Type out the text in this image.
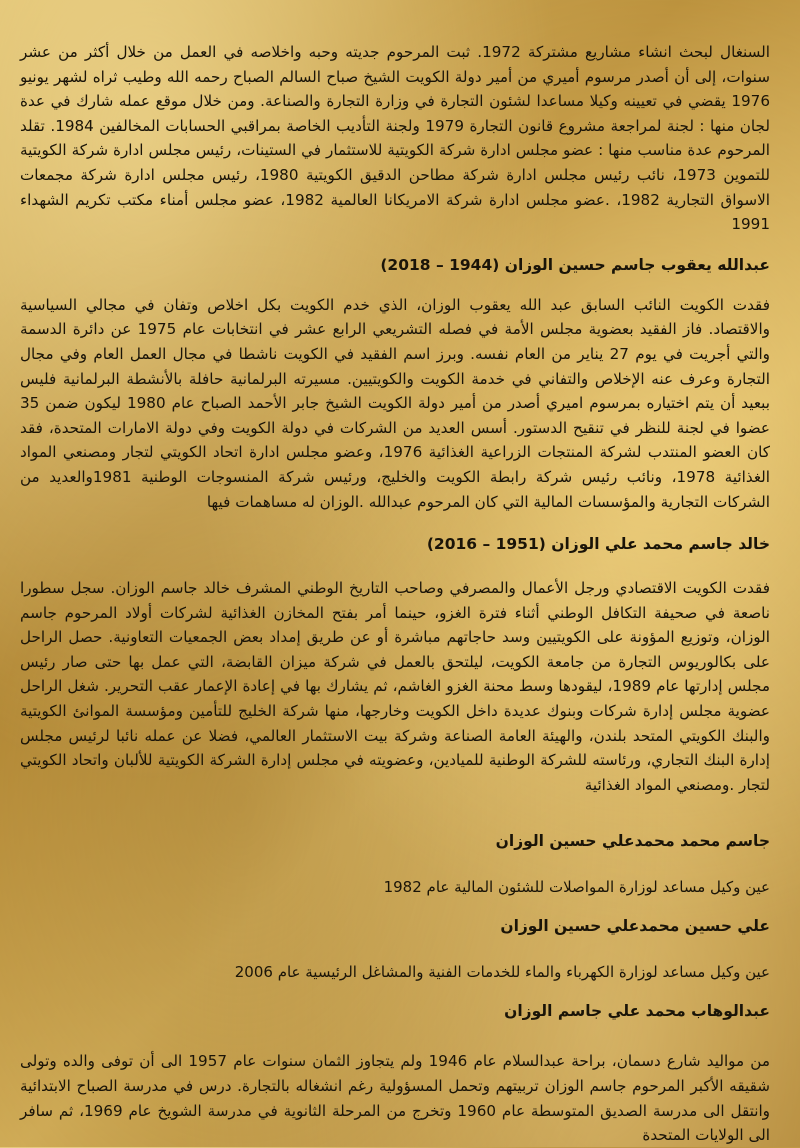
السنغال لبحث انشاء مشاريع مشتركة 1972. ثبت المرحوم جديته وحبه واخلاصه في العمل من خلال أكثر من عشر سنوات، إلى أن أصدر مرسوم أميري من أمير دولة الكويت الشيخ صباح السالم الصباح رحمه الله وطيب ثراه لشهر يونيو 1976 يقضي في تعيينه وكيلا مساعدا لشئون التجارة في وزارة التجارة والصناعة. ومن خلال موقع عمله شارك في عدة لجان منها : لجنة لمراجعة مشروع قانون التجارة 1979 ولجنة التأديب الخاصة بمراقبي الحسابات المخالفين 1984. تقلد المرحوم عدة مناسب منها : عضو مجلس ادارة شركة الكويتية للاستثمار في الستينات، رئيس مجلس ادارة شركة الكويتية للتموين 1973، نائب رئيس مجلس ادارة شركة مطاحن الدقيق الكويتية 1980، رئيس مجلس ادارة شركة مجمعات الاسواق التجارية 1982، .عضو مجلس ادارة شركة الامريكانا العالمية 1982، عضو مجلس أمناء مكتب تكريم الشهداء 1991

عبدالله يعقوب جاسم حسين الوزان (1944 – 2018)

فقدت الكويت النائب السابق عبد الله يعقوب الوزان، الذي خدم الكويت بكل اخلاص وتفان في مجالي السياسية والاقتصاد. فاز الفقيد بعضوية مجلس الأمة في فصله التشريعي الرابع عشر في انتخابات عام 1975 عن دائرة الدسمة والتي أجريت في يوم 27 يناير من العام نفسه. وبرز اسم الفقيد في الكويت ناشطا في مجال العمل العام وفي مجال التجارة وعرف عنه الإخلاص والتفاني في خدمة الكويت والكويتيين. مسيرته البرلمانية حافلة بالأنشطة البرلمانية فليس ببعيد أن يتم اختياره بمرسوم اميري أصدر من أمير دولة الكويت الشيخ جابر الأحمد الصباح عام 1980 ليكون ضمن 35 عضوا في لجنة للنظر في تنقيح الدستور. أسس العديد من الشركات في دولة الكويت وفي دولة الامارات المتحدة، فقد كان العضو المنتدب لشركة المنتجات الزراعية الغذائية 1976، وعضو مجلس ادارة اتحاد الكويتي لتجار ومصنعي المواد الغذائية 1978، ونائب رئيس شركة رابطة الكويت والخليج، ورئيس شركة المنسوجات الوطنية 1981والعديد من الشركات التجارية والمؤسسات المالية التي كان المرحوم عبدالله .الوزان له مساهمات فيها

خالد جاسم محمد علي الوزان (1951 – 2016)

فقدت الكويت الاقتصادي ورجل الأعمال والمصرفي وصاحب التاريخ الوطني المشرف خالد جاسم الوزان. سجل سطورا ناصعة في صحيفة التكافل الوطني أثناء فترة الغزو، حينما أمر بفتح المخازن الغذائية لشركات أولاد المرحوم جاسم الوزان، وتوزيع المؤونة على الكويتيين وسد حاجاتهم مباشرة أو عن طريق إمداد بعض الجمعيات التعاونية. حصل الراحل على بكالوريوس التجارة من جامعة الكويت، ليلتحق بالعمل في شركة ميزان القابضة، التي عمل بها حتى صار رئيس مجلس إدارتها عام 1989، ليقودها وسط محنة الغزو الغاشم، ثم يشارك بها في إعادة الإعمار عقب التحرير. شغل الراحل عضوية مجلس إدارة شركات وبنوك عديدة داخل الكويت وخارجها، منها شركة الخليج للتأمين ومؤسسة الموانئ الكويتية والبنك الكويتي المتحد بلندن، والهيئة العامة الصناعة وشركة بيت الاستثمار العالمي، فضلا عن عمله نائبا لرئيس مجلس إدارة البنك التجاري، ورئاسته للشركة الوطنية للميادين، وعضويته في مجلس إدارة الشركة الكويتية للألبان واتحاد الكويتي لتجار .ومصنعي المواد الغذائية

جاسم محمد محمدعلي حسين الوزان

عين وكيل مساعد لوزارة المواصلات للشئون المالية عام 1982

علي حسين محمدعلي حسين الوزان

عين وكيل مساعد لوزارة الكهرباء والماء للخدمات الفنية والمشاغل الرئيسية عام 2006

عبدالوهاب محمد علي جاسم الوزان

من مواليد شارع دسمان، براحة عبدالسلام عام 1946 ولم يتجاوز الثمان سنوات عام 1957 الى أن توفى والده وتولى شقيقه الأكبر المرحوم جاسم الوزان تربيتهم وتحمل المسؤولية رغم انشغاله بالتجارة. درس في مدرسة الصباح الابتدائية وانتقل الى مدرسة الصديق المتوسطة عام 1960 وتخرج من المرحلة الثانوية في مدرسة الشويخ عام 1969، ثم سافر الى الولايات المتحدة
